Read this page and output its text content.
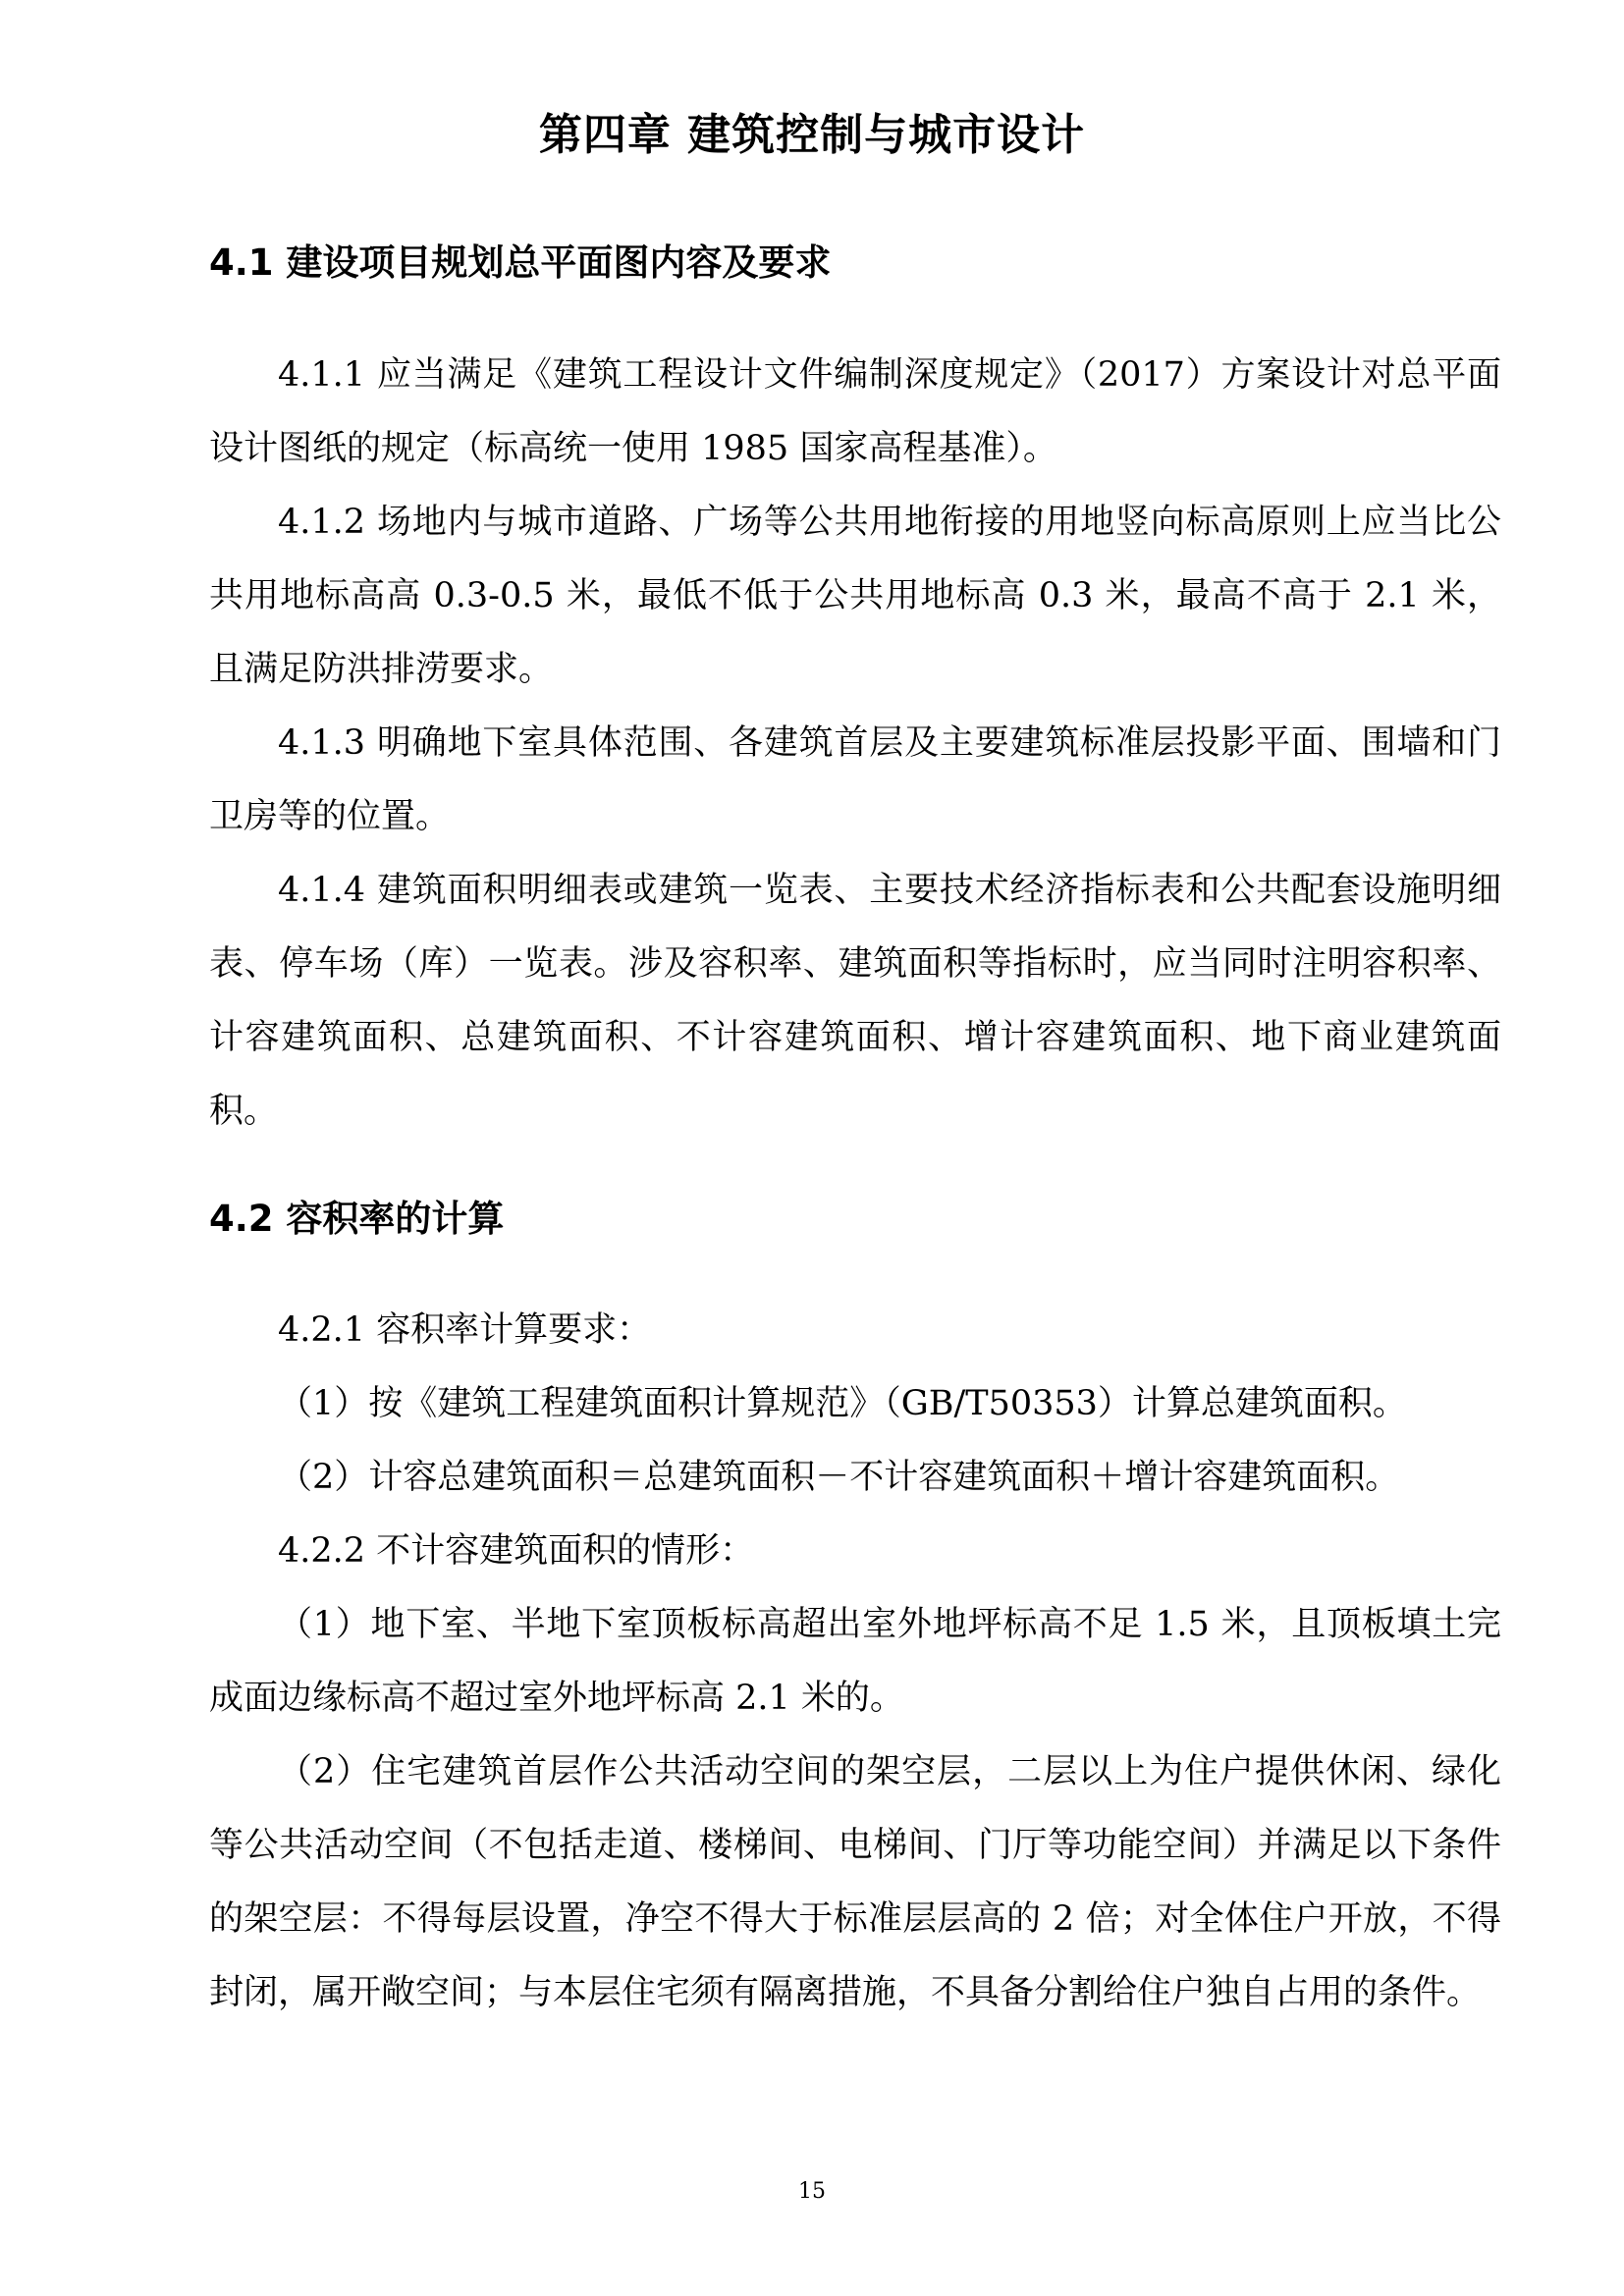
第四章 建筑控制与城市设计
4.1 建设项目规划总平面图内容及要求

4.1.1 应当满足《建筑工程设计文件编制深度规定》（2017）方案设计对总平面设计图纸的规定（标高统一使用 1985 国家高程基准）。

4.1.2 场地内与城市道路、广场等公共用地衔接的用地竖向标高原则上应当比公共用地标高高 0.3-0.5 米，最低不低于公共用地标高 0.3 米，最高不高于 2.1 米，且满足防洪排涝要求。

4.1.3 明确地下室具体范围、各建筑首层及主要建筑标准层投影平面、围墙和门卫房等的位置。

4.1.4 建筑面积明细表或建筑一览表、主要技术经济指标表和公共配套设施明细表、停车场（库）一览表。涉及容积率、建筑面积等指标时，应当同时注明容积率、计容建筑面积、总建筑面积、不计容建筑面积、增计容建筑面积、地下商业建筑面积。

4.2 容积率的计算

4.2.1 容积率计算要求：

（1）按《建筑工程建筑面积计算规范》（GB/T50353）计算总建筑面积。

（2）计容总建筑面积＝总建筑面积－不计容建筑面积＋增计容建筑面积。

4.2.2 不计容建筑面积的情形：

（1）地下室、半地下室顶板标高超出室外地坪标高不足 1.5 米，且顶板填土完成面边缘标高不超过室外地坪标高 2.1 米的。

（2）住宅建筑首层作公共活动空间的架空层，二层以上为住户提供休闲、绿化等公共活动空间（不包括走道、楼梯间、电梯间、门厅等功能空间）并满足以下条件的架空层：不得每层设置，净空不得大于标准层层高的 2 倍；对全体住户开放，不得封闭，属开敞空间；与本层住宅须有隔离措施，不具备分割给住户独自占用的条件。

15
